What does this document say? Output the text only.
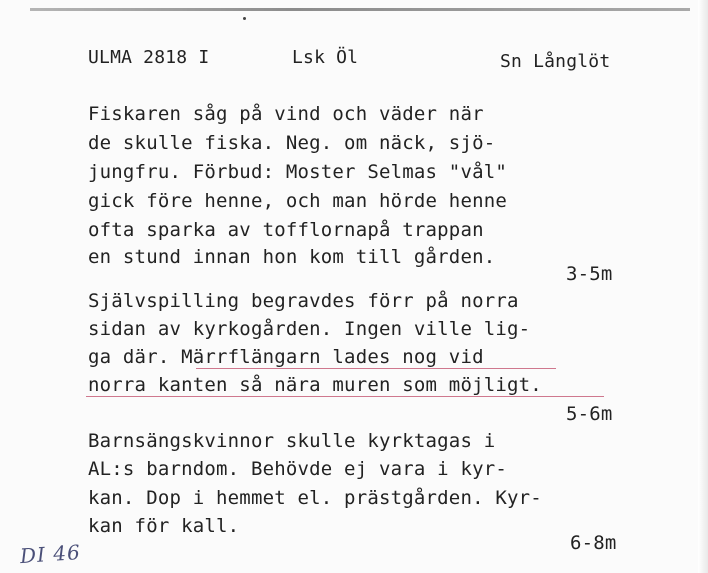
ULMA 2818 I	Lsk Öl	Sn Långlöt
Fiskaren såg på vind och väder när
de skulle fiska. Neg. om näck, sjö-
jungfru. Förbud: Moster Selmas "vål"
gick före henne, och man hörde henne
ofta sparka av tofflornapå trappan
en stund innan hon kom till gården.
3-5m
Självspilling begravdes förr på norra
sidan av kyrkogården. Ingen ville lig-
ga där. Märrflängarn lades nog vid
norra kanten så nära muren som möjligt.
5-6m
Barnsängskvinnor skulle kyrktagas i
AL:s barndom. Behövde ej vara i kyr-
kan. Dop i hemmet el. prästgården. Kyr-
kan för kall.
6-8m
DI 46
